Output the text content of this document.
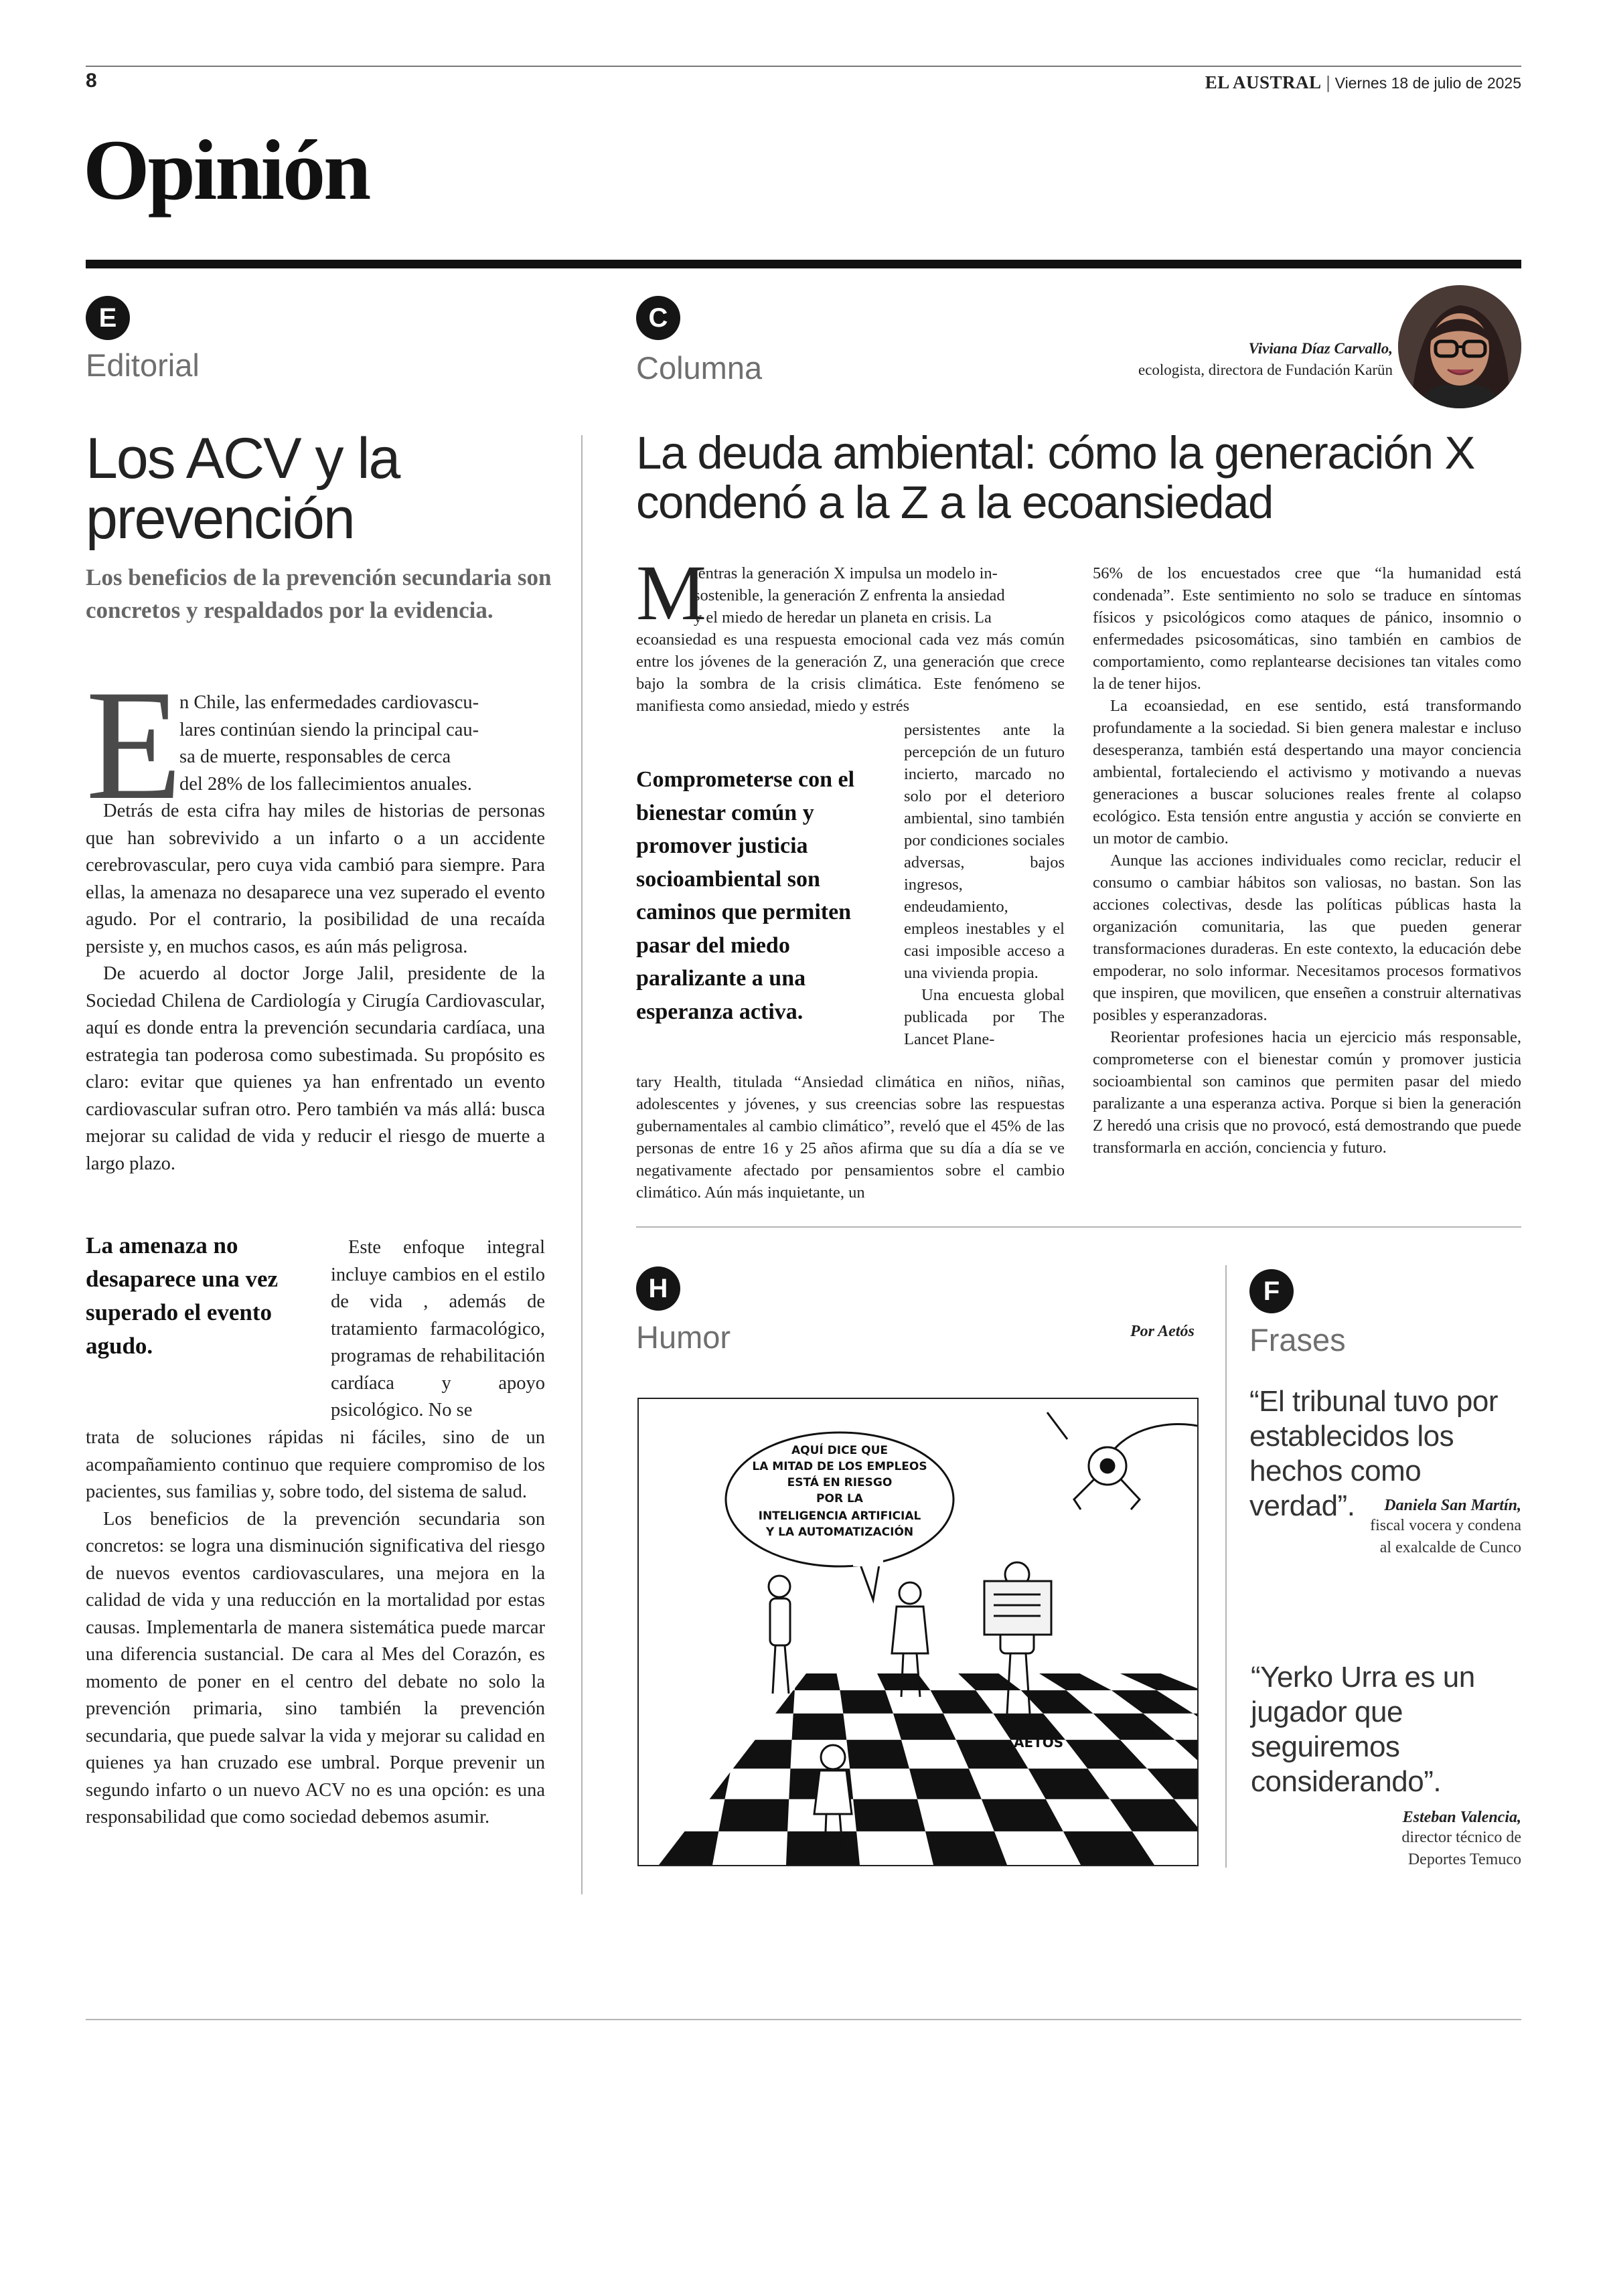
8	EL AUSTRAL | Viernes 18 de julio de 2025
Opinión
E
Editorial
Los ACV y la
prevención
Los beneficios de la prevención secundaria son concretos y respaldados por la evidencia.
E
n Chile, las enfermedades cardiovascu-
lares continúan siendo la principal cau-
sa de muerte, responsables de cerca
del 28% de los fallecimientos anuales.

Detrás de esta cifra hay miles de historias de personas que han sobrevivido a un infarto o a un accidente cerebrovascular, pero cuya vida cambió para siempre. Para ellas, la amenaza no desaparece una vez superado el evento agudo. Por el contrario, la posibilidad de una recaída persiste y, en muchos casos, es aún más peligrosa.

De acuerdo al doctor Jorge Jalil, presidente de la Sociedad Chilena de Cardiología y Cirugía Cardiovascular, aquí es donde entra la prevención secundaria cardíaca, una estrategia tan poderosa como subestimada. Su propósito es claro: evitar que quienes ya han enfrentado un evento cardiovascular sufran otro. Pero también va más allá: busca mejorar su calidad de vida y reducir el riesgo de muerte a largo plazo.

La amenaza no desaparece una vez superado el evento agudo.
Este enfoque integral incluye cambios en el estilo de vida , además de tratamiento farmacológico, programas de rehabilitación cardíaca y apoyo psicológico. No se

trata de soluciones rápidas ni fáciles, sino de un acompañamiento continuo que requiere compromiso de los pacientes, sus familias y, sobre todo, del sistema de salud.

Los beneficios de la prevención secundaria son concretos: se logra una disminución significativa del riesgo de nuevos eventos cardiovasculares, una mejora en la calidad de vida y una reducción en la mortalidad por estas causas. Implementarla de manera sistemática puede marcar una diferencia sustancial. De cara al Mes del Corazón, es momento de poner en el centro del debate no solo la prevención primaria, sino también la prevención secundaria, que puede salvar la vida y mejorar su calidad en quienes ya han cruzado ese umbral. Porque prevenir un segundo infarto o un nuevo ACV no es una opción: es una responsabilidad que como sociedad debemos asumir.

C
Columna
Viviana Díaz Carvallo,
ecologista, directora de Fundación Karün
La deuda ambiental: cómo la generación X
condenó a la Z a la ecoansiedad
M
ientras la generación X impulsa un modelo in-
sostenible, la generación Z enfrenta la ansiedad
y el miedo de heredar un planeta en crisis. La
ecoansiedad es una respuesta emocional cada vez más común entre los jóvenes de la generación Z, una generación que crece bajo la sombra de la crisis climática. Este fenómeno se manifiesta como ansiedad, miedo y estrés
persistentes ante la percepción de un futuro incierto, marcado no solo por el deterioro ambiental, sino también por condiciones sociales adversas, bajos ingresos, endeudamiento, empleos inestables y el casi imposible acceso a una vivienda propia.
Una encuesta global publicada por The Lancet Plane-
Comprometerse con el bienestar común y promover justicia socioambiental son caminos que permiten pasar del miedo paralizante a una esperanza activa.
tary Health, titulada “Ansiedad climática en niños, niñas, adolescentes y jóvenes, y sus creencias sobre las respuestas gubernamentales al cambio climático”, reveló que el 45% de las personas de entre 16 y 25 años afirma que su día a día se ve negativamente afectado por pensamientos sobre el cambio climático. Aún más inquietante, un

56% de los encuestados cree que “la humanidad está condenada”. Este sentimiento no solo se traduce en síntomas físicos y psicológicos como ataques de pánico, insomnio o enfermedades psicosomáticas, sino también en cambios de comportamiento, como replantearse decisiones tan vitales como la de tener hijos.

La ecoansiedad, en ese sentido, está transformando profundamente a la sociedad. Si bien genera malestar e incluso desesperanza, también está despertando una mayor conciencia ambiental, fortaleciendo el activismo y motivando a nuevas generaciones a buscar soluciones reales frente al colapso ecológico. Esta tensión entre angustia y acción se convierte en un motor de cambio.

Aunque las acciones individuales como reciclar, reducir el consumo o cambiar hábitos son valiosas, no bastan. Son las acciones colectivas, desde las políticas públicas hasta la organización comunitaria, las que pueden generar transformaciones duraderas. En este contexto, la educación debe empoderar, no solo informar. Necesitamos procesos formativos que inspiren, que movilicen, que enseñen a construir alternativas posibles y esperanzadoras.

Reorientar profesiones hacia un ejercicio más responsable, comprometerse con el bienestar común y promover justicia socioambiental son caminos que permiten pasar del miedo paralizante a una esperanza activa. Porque si bien la generación Z heredó una crisis que no provocó, está demostrando que puede transformarla en acción, conciencia y futuro.

H
Humor	Por Aetós
AQUÍ DICE QUE
LA MITAD DE LOS EMPLEOS
ESTÁ EN RIESGO
POR LA
INTELIGENCIA ARTIFICIAL
Y LA AUTOMATIZACIÓN
AETÓS
F
Frases
“El tribunal tuvo por establecidos los hechos como verdad”.	Daniela San Martín,
fiscal vocera y condena
al exalcalde de Cunco
“Yerko Urra es un jugador que seguiremos considerando”.
Esteban Valencia,
director técnico de
Deportes Temuco
